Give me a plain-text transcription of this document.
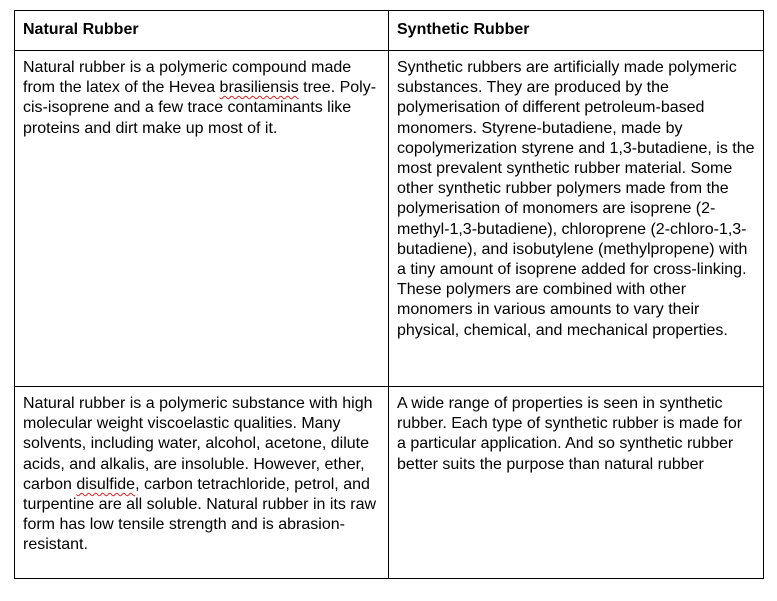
Natural Rubber	Synthetic Rubber
Natural rubber is a polymeric compound made from the latex of the Hevea brasiliensis tree. Poly-cis-isoprene and a few trace contaminants like proteins and dirt make up most of it.	Synthetic rubbers are artificially made polymeric substances. They are produced by the polymerisation of different petroleum-based monomers. Styrene-butadiene, made by copolymerization styrene and 1,3-butadiene, is the most prevalent synthetic rubber material. Some other synthetic rubber polymers made from the polymerisation of monomers are isoprene (2-methyl-1,3-butadiene), chloroprene (2-chloro-1,3-butadiene), and isobutylene (methylpropene) with a tiny amount of isoprene added for cross-linking. These polymers are combined with other monomers in various amounts to vary their physical, chemical, and mechanical properties.
Natural rubber is a polymeric substance with high molecular weight viscoelastic qualities. Many solvents, including water, alcohol, acetone, dilute acids, and alkalis, are insoluble. However, ether, carbon disulfide, carbon tetrachloride, petrol, and turpentine are all soluble. Natural rubber in its raw form has low tensile strength and is abrasion-resistant.	A wide range of properties is seen in synthetic rubber. Each type of synthetic rubber is made for a particular application. And so synthetic rubber better suits the purpose than natural rubber
